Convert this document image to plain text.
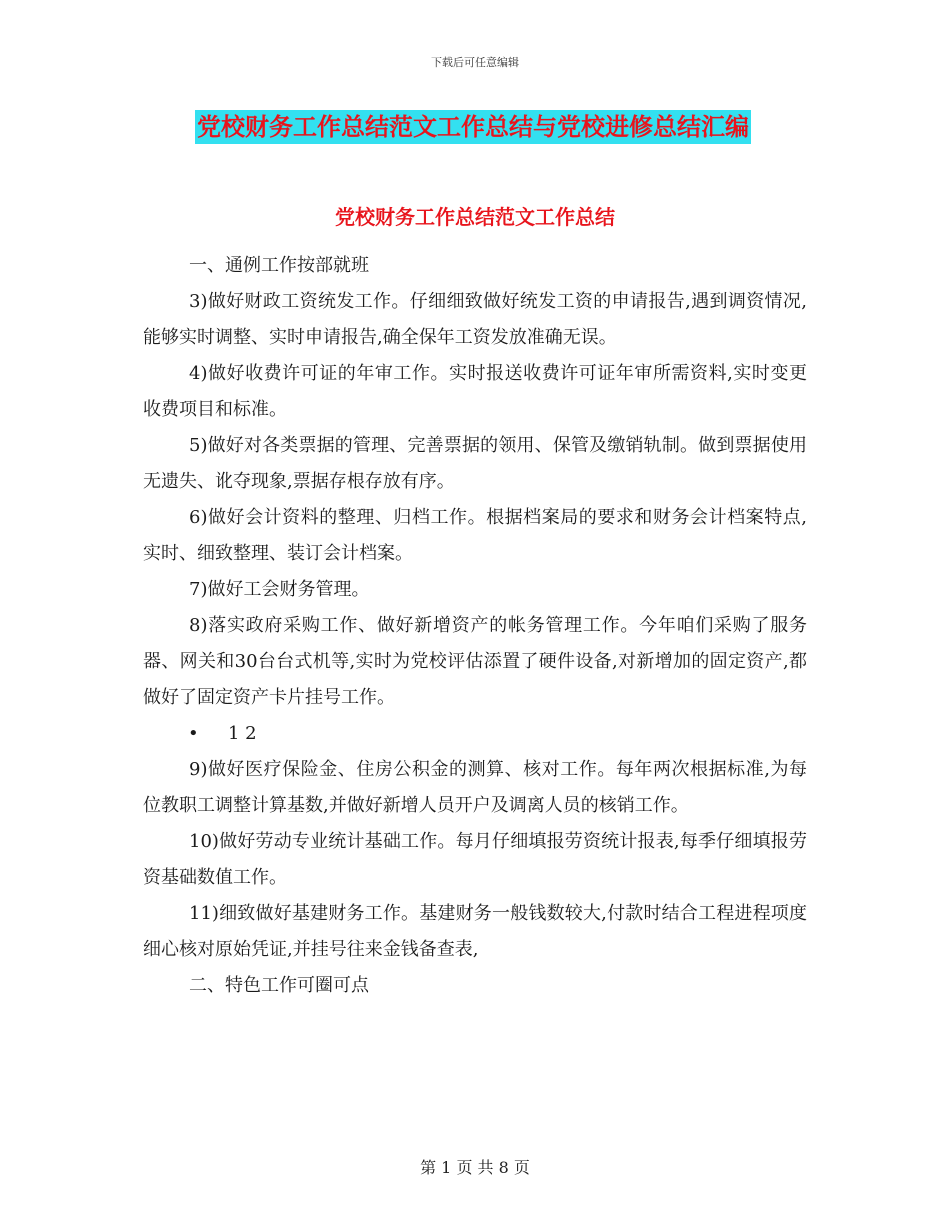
下载后可任意编辑
党校财务工作总结范文工作总结与党校进修总结汇编
党校财务工作总结范文工作总结

一、通例工作按部就班

3)做好财政工资统发工作。仔细细致做好统发工资的申请报告,遇到调资情况,能够实时调整、实时申请报告,确全保年工资发放准确无误。

4)做好收费许可证的年审工作。实时报送收费许可证年审所需资料,实时变更收费项目和标准。

5)做好对各类票据的管理、完善票据的领用、保管及缴销轨制。做到票据使用无遗失、讹夺现象,票据存根存放有序。

6)做好会计资料的整理、归档工作。根据档案局的要求和财务会计档案特点,实时、细致整理、装订会计档案。

7)做好工会财务管理。

8)落实政府采购工作、做好新增资产的帐务管理工作。今年咱们采购了服务器、网关和30台台式机等,实时为党校评估添置了硬件设备,对新增加的固定资产,都做好了固定资产卡片挂号工作。

• 1 2

9)做好医疗保险金、住房公积金的测算、核对工作。每年两次根据标准,为每位教职工调整计算基数,并做好新增人员开户及调离人员的核销工作。

10)做好劳动专业统计基础工作。每月仔细填报劳资统计报表,每季仔细填报劳资基础数值工作。

11)细致做好基建财务工作。基建财务一般钱数较大,付款时结合工程进程项度细心核对原始凭证,并挂号往来金钱备查表,

二、特色工作可圈可点

第 1 页 共 8 页
